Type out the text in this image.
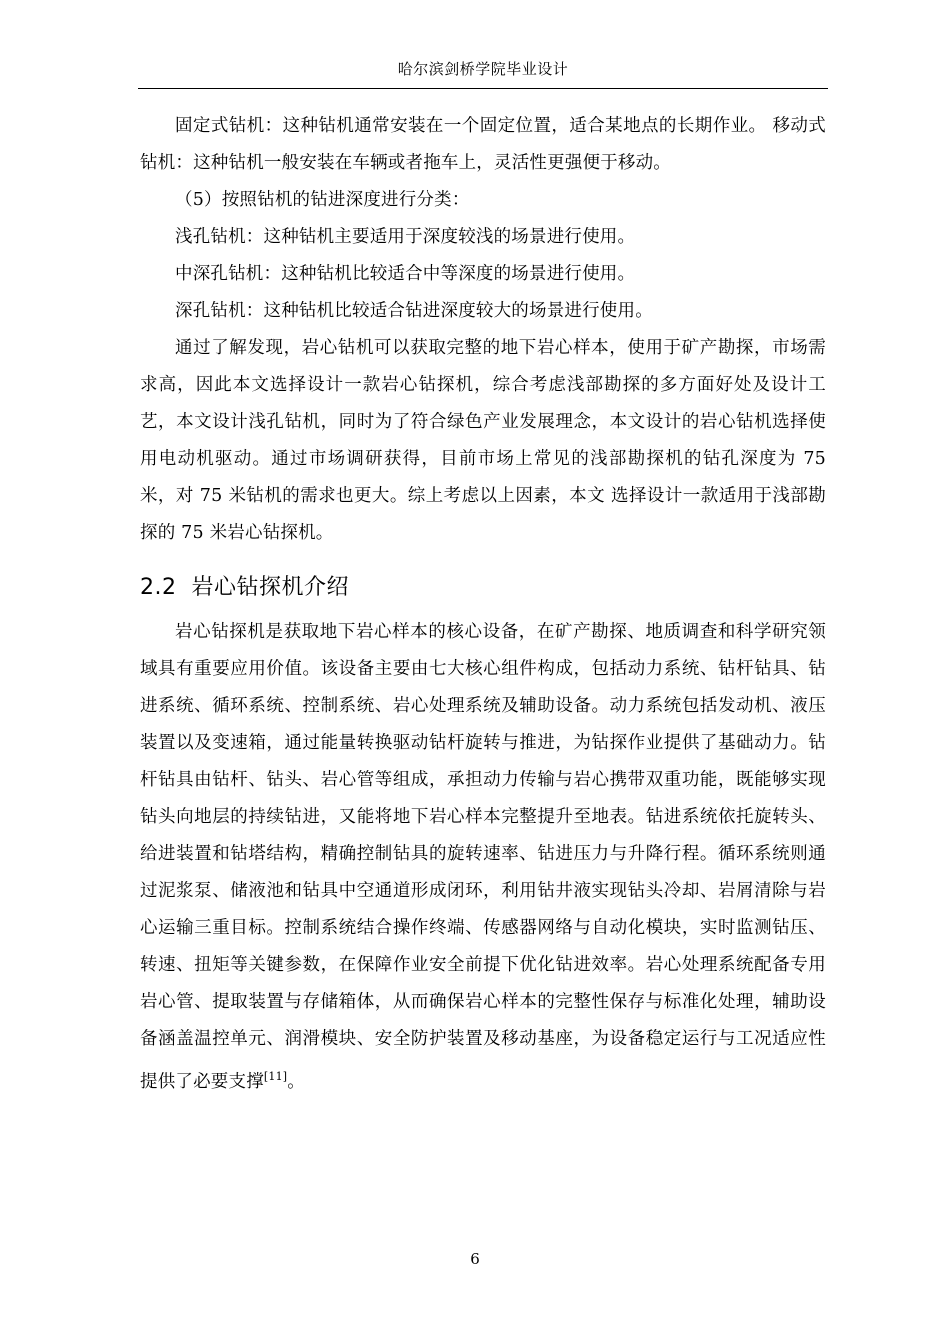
哈尔滨剑桥学院毕业设计

固定式钻机：这种钻机通常安装在一个固定位置，适合某地点的长期作业。 移动式钻机：这种钻机一般安装在车辆或者拖车上，灵活性更强便于移动。

（5）按照钻机的钻进深度进行分类：

浅孔钻机：这种钻机主要适用于深度较浅的场景进行使用。

中深孔钻机：这种钻机比较适合中等深度的场景进行使用。

深孔钻机：这种钻机比较适合钻进深度较大的场景进行使用。

通过了解发现，岩心钻机可以获取完整的地下岩心样本，使用于矿产勘探，市场需求高，因此本文选择设计一款岩心钻探机，综合考虑浅部勘探的多方面好处及设计工艺，本文设计浅孔钻机，同时为了符合绿色产业发展理念，本文设计的岩心钻机选择使用电动机驱动。通过市场调研获得，目前市场上常见的浅部勘探机的钻孔深度为 75 米，对 75 米钻机的需求也更大。综上考虑以上因素，本文 选择设计一款适用于浅部勘探的 75 米岩心钻探机。

2.2 岩心钻探机介绍

岩心钻探机是获取地下岩心样本的核心设备，在矿产勘探、地质调查和科学研究领域具有重要应用价值。该设备主要由七大核心组件构成，包括动力系统、钻杆钻具、钻进系统、循环系统、控制系统、岩心处理系统及辅助设备。动力系统包括发动机、液压装置以及变速箱，通过能量转换驱动钻杆旋转与推进，为钻探作业提供了基础动力。钻杆钻具由钻杆、钻头、岩心管等组成，承担动力传输与岩心携带双重功能，既能够实现钻头向地层的持续钻进，又能将地下岩心样本完整提升至地表。钻进系统依托旋转头、给进装置和钻塔结构，精确控制钻具的旋转速率、钻进压力与升降行程。循环系统则通过泥浆泵、储液池和钻具中空通道形成闭环，利用钻井液实现钻头冷却、岩屑清除与岩心运输三重目标。控制系统结合操作终端、传感器网络与自动化模块，实时监测钻压、转速、扭矩等关键参数，在保障作业安全前提下优化钻进效率。岩心处理系统配备专用岩心管、提取装置与存储箱体，从而确保岩心样本的完整性保存与标准化处理，辅助设备涵盖温控单元、润滑模块、安全防护装置及移动基座，为设备稳定运行与工况适应性提供了必要支撑[11]。

6
